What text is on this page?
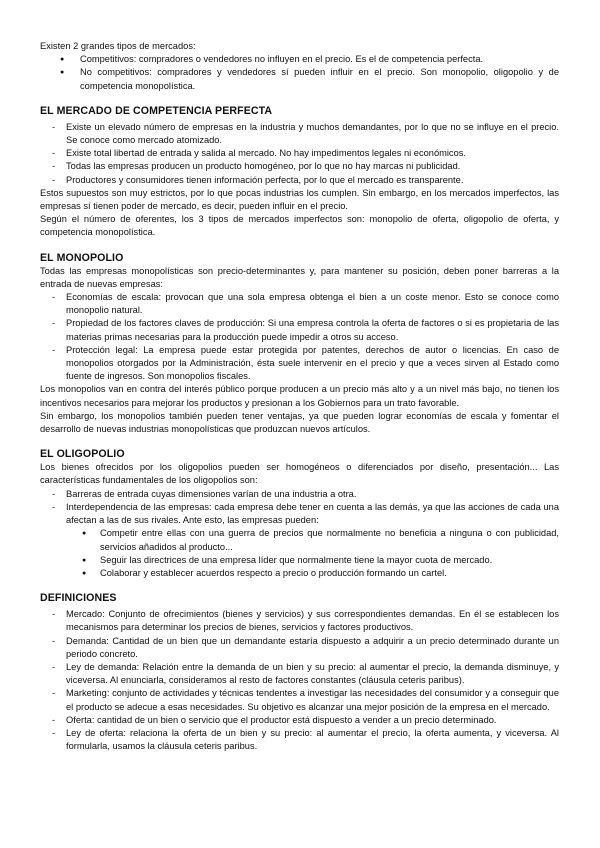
Existen 2 grandes tipos de mercados:

● Competitivos: compradores o vendedores no influyen en el precio. Es el de competencia perfecta.
● No competitivos: compradores y vendedores sí pueden influir en el precio. Son monopolio, oligopolio y de competencia monopolística.
EL MERCADO DE COMPETENCIA PERFECTA
- Existe un elevado número de empresas en la industria y muchos demandantes, por lo que no se influye en el precio. Se conoce como mercado atomizado.
- Existe total libertad de entrada y salida al mercado. No hay impedimentos legales ni económicos.
- Todas las empresas producen un producto homogéneo, por lo que no hay marcas ni publicidad.
- Productores y consumidores tienen información perfecta, por lo que el mercado es transparente.

Estos supuestos son muy estrictos, por lo que pocas industrias los cumplen. Sin embargo, en los mercados imperfectos, las empresas sí tienen poder de mercado, es decir, pueden influir en el precio.

Según el número de oferentes, los 3 tipos de mercados imperfectos son: monopolio de oferta, oligopolio de oferta, y competencia monopolística.

EL MONOPOLIO

Todas las empresas monopolísticas son precio-determinantes y, para mantener su posición, deben poner barreras a la entrada de nuevas empresas:

- Economías de escala: provocan que una sola empresa obtenga el bien a un coste menor. Esto se conoce como monopolio natural.
- Propiedad de los factores claves de producción: Si una empresa controla la oferta de factores o si es propietaria de las materias primas necesarias para la producción puede impedir a otros su acceso.
- Protección legal: La empresa puede estar protegida por patentes, derechos de autor o licencias. En caso de monopolios otorgados por la Administración, ésta suele intervenir en el precio y que a veces sirven al Estado como fuente de ingresos. Son monopolios fiscales.

Los monopolios van en contra del interés público porque producen a un precio más alto y a un nivel más bajo, no tienen los incentivos necesarios para mejorar los productos y presionan a los Gobiernos para un trato favorable.

Sin embargo, los monopolios también pueden tener ventajas, ya que pueden lograr economías de escala y fomentar el desarrollo de nuevas industrias monopolísticas que produzcan nuevos artículos.

EL OLIGOPOLIO

Los bienes ofrecidos por los oligopolios pueden ser homogéneos o diferenciados por diseño, presentación... Las características fundamentales de los oligopolios son:

- Barreras de entrada cuyas dimensiones varían de una industria a otra.
- Interdependencia de las empresas: cada empresa debe tener en cuenta a las demás, ya que las acciones de cada una afectan a las de sus rivales. Ante esto, las empresas pueden:
● Competir entre ellas con una guerra de precios que normalmente no beneficia a ninguna o con publicidad, servicios añadidos al producto...
● Seguir las directrices de una empresa líder que normalmente tiene la mayor cuota de mercado.
● Colaborar y establecer acuerdos respecto a precio o producción formando un cartel.
DEFINICIONES
- Mercado: Conjunto de ofrecimientos (bienes y servicios) y sus correspondientes demandas. En él se establecen los mecanismos para determinar los precios de bienes, servicios y factores productivos.
- Demanda: Cantidad de un bien que un demandante estaría dispuesto a adquirir a un precio determinado durante un periodo concreto.
- Ley de demanda: Relación entre la demanda de un bien y su precio: al aumentar el precio, la demanda disminuye, y viceversa. Al enunciarla, consideramos al resto de factores constantes (cláusula ceteris paribus).
- Marketing: conjunto de actividades y técnicas tendentes a investigar las necesidades del consumidor y a conseguir que el producto se adecue a esas necesidades. Su objetivo es alcanzar una mejor posición de la empresa en el mercado.
- Oferta: cantidad de un bien o servicio que el productor está dispuesto a vender a un precio determinado.
- Ley de oferta: relaciona la oferta de un bien y su precio: al aumentar el precio, la oferta aumenta, y viceversa. Al formularla, usamos la cláusula ceteris paribus.
